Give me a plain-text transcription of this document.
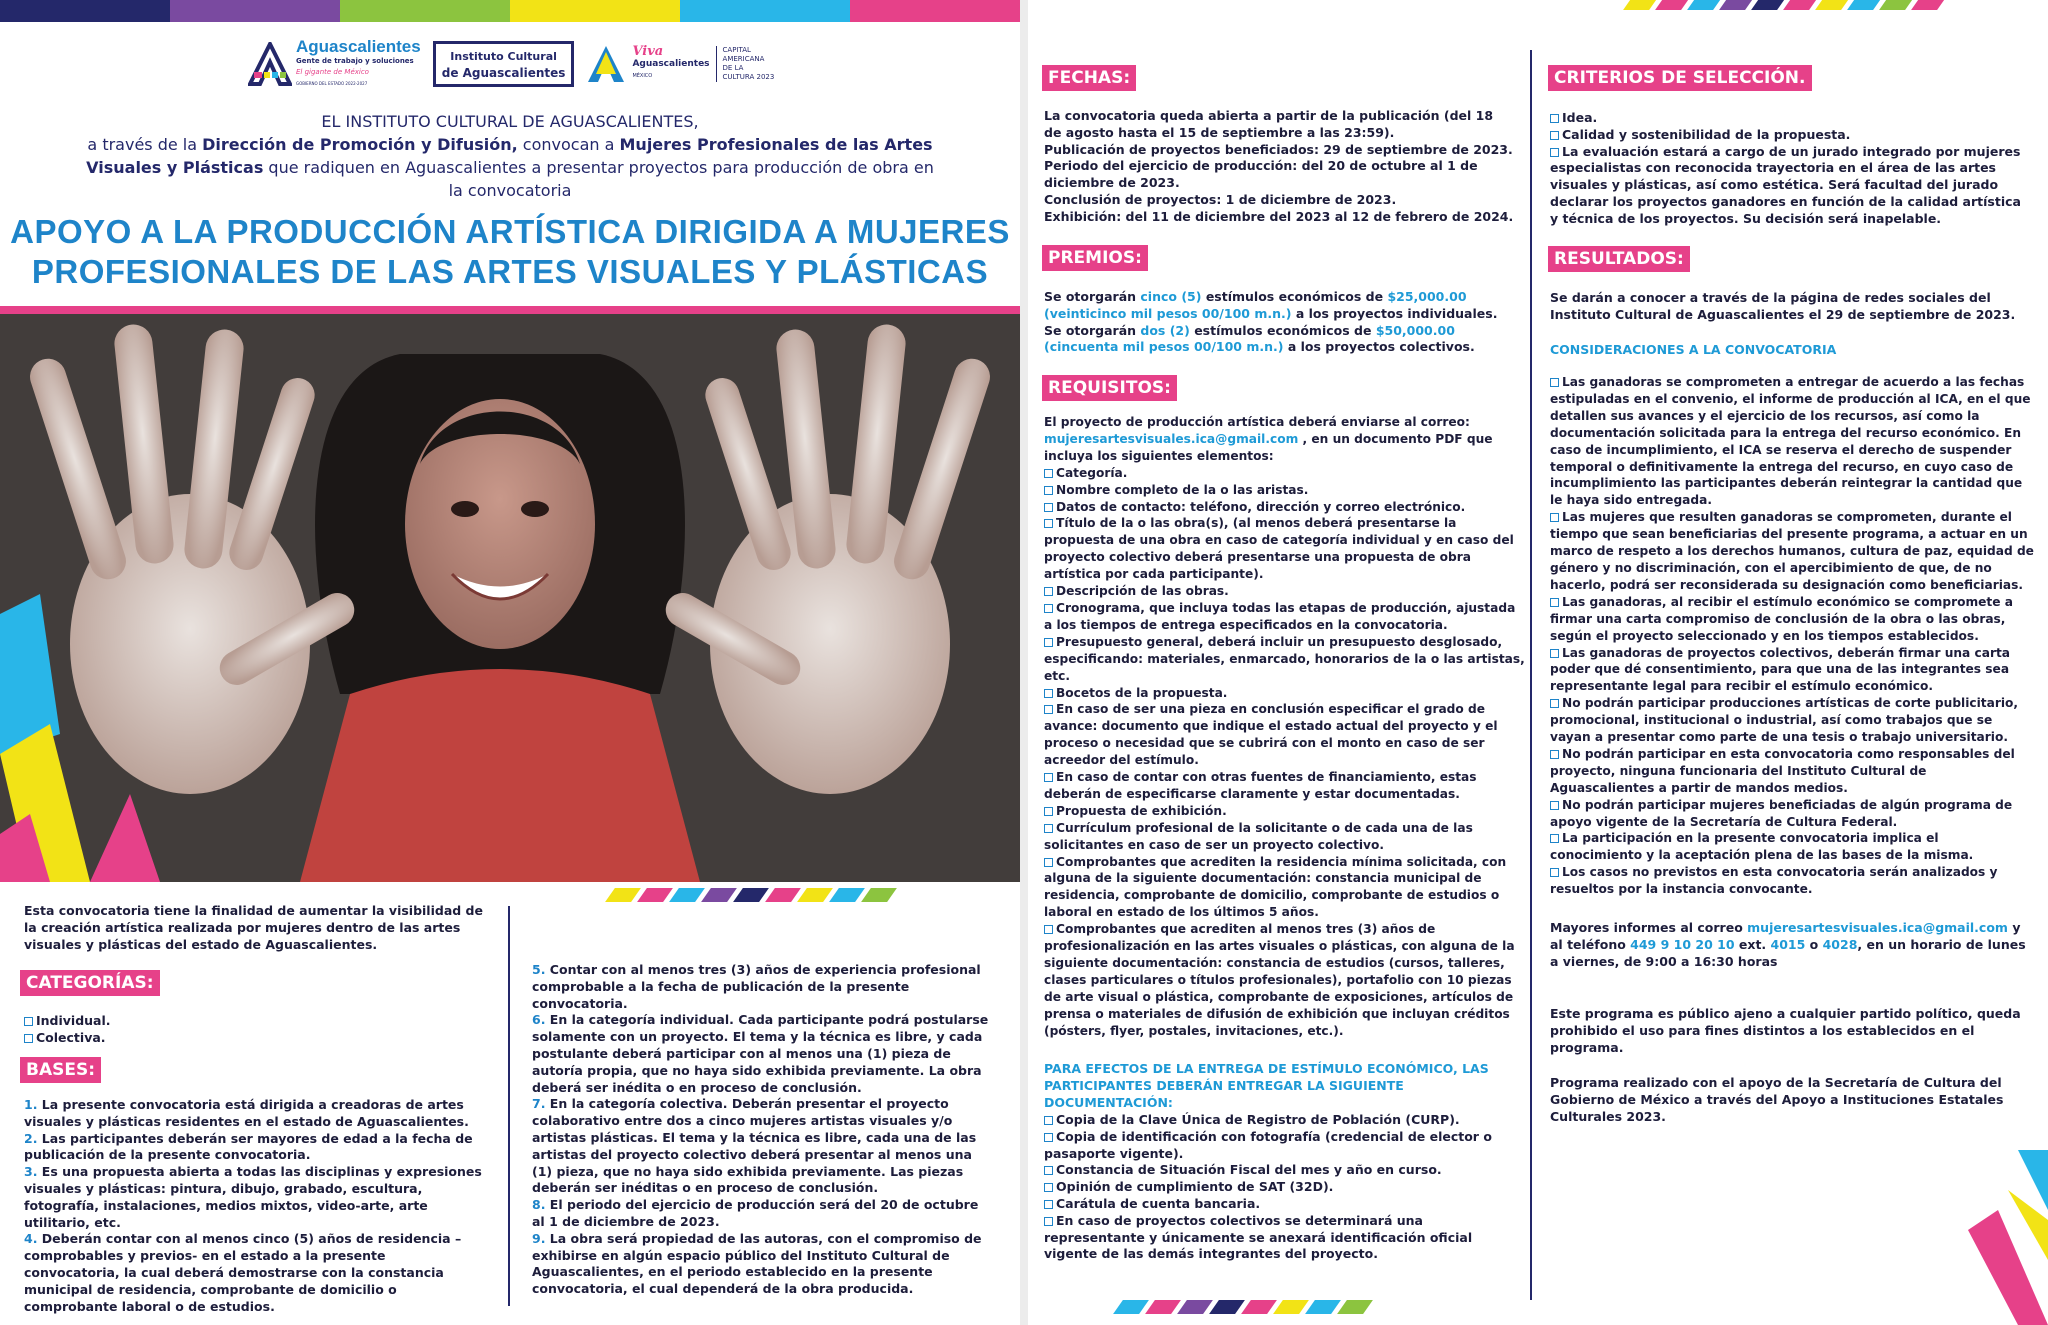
Aguascalientes
Gente de trabajo y soluciones
El gigante de México
GOBIERNO DEL ESTADO 2022-2027
Instituto Cultural
de Aguascalientes
Viva
Aguascalientes
MÉXICO
CAPITAL AMERICANA DE LA CULTURA 2023
EL INSTITUTO CULTURAL DE AGUASCALIENTES,
a través de la Dirección de Promoción y Difusión, convocan a Mujeres Profesionales de las Artes
Visuales y Plásticas que radiquen en Aguascalientes a presentar proyectos para producción de obra en
la convocatoria
APOYO A LA PRODUCCIÓN ARTÍSTICA DIRIGIDA A MUJERES
PROFESIONALES DE LAS ARTES VISUALES Y PLÁSTICAS
Esta convocatoria tiene la finalidad de aumentar la visibilidad de la creación artística realizada por mujeres dentro de las artes visuales y plásticas del estado de Aguascalientes.
CATEGORÍAS:
Individual.
Colectiva.
BASES:
1. La presente convocatoria está dirigida a creadoras de artes visuales y plásticas residentes en el estado de Aguascalientes.
2. Las participantes deberán ser mayores de edad a la fecha de publicación de la presente convocatoria.
3. Es una propuesta abierta a todas las disciplinas y expresiones visuales y plásticas: pintura, dibujo, grabado, escultura, fotografía, instalaciones, medios mixtos, video-arte, arte utilitario, etc.
4. Deberán contar con al menos cinco (5) años de residencia –comprobables y previos- en el estado a la presente convocatoria, la cual deberá demostrarse con la constancia municipal de residencia, comprobante de domicilio o comprobante laboral o de estudios.
5. Contar con al menos tres (3) años de experiencia profesional comprobable a la fecha de publicación de la presente convocatoria.
6. En la categoría individual. Cada participante podrá postularse solamente con un proyecto. El tema y la técnica es libre, y cada postulante deberá participar con al menos una (1) pieza de autoría propia, que no haya sido exhibida previamente. La obra deberá ser inédita o en proceso de conclusión.
7. En la categoría colectiva. Deberán presentar el proyecto colaborativo entre dos a cinco mujeres artistas visuales y/o artistas plásticas. El tema y la técnica es libre, cada una de las artistas del proyecto colectivo deberá presentar al menos una (1) pieza, que no haya sido exhibida previamente. Las piezas deberán ser inéditas o en proceso de conclusión.
8. El periodo del ejercicio de producción será del 20 de octubre al 1 de diciembre de 2023.
9. La obra será propiedad de las autoras, con el compromiso de exhibirse en algún espacio público del Instituto Cultural de Aguascalientes, en el periodo establecido en la presente convocatoria, el cual dependerá de la obra producida.
FECHAS:
La convocatoria queda abierta a partir de la publicación (del 18 de agosto hasta el 15 de septiembre a las 23:59).
Publicación de proyectos beneficiados: 29 de septiembre de 2023.
Periodo del ejercicio de producción: del 20 de octubre al 1 de diciembre de 2023.
Conclusión de proyectos: 1 de diciembre de 2023.
Exhibición: del 11 de diciembre del 2023 al 12 de febrero de 2024.
PREMIOS:
Se otorgarán cinco (5) estímulos económicos de $25,000.00 (veinticinco mil pesos 00/100 m.n.) a los proyectos individuales.
Se otorgarán dos (2) estímulos económicos de $50,000.00 (cincuenta mil pesos 00/100 m.n.) a los proyectos colectivos.
REQUISITOS:
El proyecto de producción artística deberá enviarse al correo: mujeresartesvisuales.ica@gmail.com , en un documento PDF que incluya los siguientes elementos:
Categoría.
Nombre completo de la o las aristas.
Datos de contacto: teléfono, dirección y correo electrónico.
Título de la o las obra(s), (al menos deberá presentarse la propuesta de una obra en caso de categoría individual y en caso del proyecto colectivo deberá presentarse una propuesta de obra artística por cada participante).
Descripción de las obras.
Cronograma, que incluya todas las etapas de producción, ajustada a los tiempos de entrega especificados en la convocatoria.
Presupuesto general, deberá incluir un presupuesto desglosado, especificando: materiales, enmarcado, honorarios de la o las artistas, etc.
Bocetos de la propuesta.
En caso de ser una pieza en conclusión especificar el grado de avance: documento que indique el estado actual del proyecto y el proceso o necesidad que se cubrirá con el monto en caso de ser acreedor del estímulo.
En caso de contar con otras fuentes de financiamiento, estas deberán de especificarse claramente y estar documentadas.
Propuesta de exhibición.
Currículum profesional de la solicitante o de cada una de las solicitantes en caso de ser un proyecto colectivo.
Comprobantes que acrediten la residencia mínima solicitada, con alguna de la siguiente documentación: constancia municipal de residencia, comprobante de domicilio, comprobante de estudios o laboral en estado de los últimos 5 años.
Comprobantes que acrediten al menos tres (3) años de profesionalización en las artes visuales o plásticas, con alguna de la siguiente documentación: constancia de estudios (cursos, talleres, clases particulares o títulos profesionales), portafolio con 10 piezas de arte visual o plástica, comprobante de exposiciones, artículos de prensa o materiales de difusión de exhibición que incluyan créditos (pósters, flyer, postales, invitaciones, etc.).
PARA EFECTOS DE LA ENTREGA DE ESTÍMULO ECONÓMICO, LAS PARTICIPANTES DEBERÁN ENTREGAR LA SIGUIENTE DOCUMENTACIÓN:
Copia de la Clave Única de Registro de Población (CURP).
Copia de identificación con fotografía (credencial de elector o pasaporte vigente).
Constancia de Situación Fiscal del mes y año en curso.
Opinión de cumplimiento de SAT (32D).
Carátula de cuenta bancaria.
En caso de proyectos colectivos se determinará una representante y únicamente se anexará identificación oficial vigente de las demás integrantes del proyecto.
CRITERIOS DE SELECCIÓN.
Idea.
Calidad y sostenibilidad de la propuesta.
La evaluación estará a cargo de un jurado integrado por mujeres especialistas con reconocida trayectoria en el área de las artes visuales y plásticas, así como estética. Será facultad del jurado declarar los proyectos ganadores en función de la calidad artística y técnica de los proyectos. Su decisión será inapelable.
RESULTADOS:
Se darán a conocer a través de la página de redes sociales del Instituto Cultural de Aguascalientes el 29 de septiembre de 2023.
CONSIDERACIONES A LA CONVOCATORIA
Las ganadoras se comprometen a entregar de acuerdo a las fechas estipuladas en el convenio, el informe de producción al ICA, en el que detallen sus avances y el ejercicio de los recursos, así como la documentación solicitada para la entrega del recurso económico. En caso de incumplimiento, el ICA se reserva el derecho de suspender temporal o definitivamente la entrega del recurso, en cuyo caso de incumplimiento las participantes deberán reintegrar la cantidad que le haya sido entregada.
Las mujeres que resulten ganadoras se comprometen, durante el tiempo que sean beneficiarias del presente programa, a actuar en un marco de respeto a los derechos humanos, cultura de paz, equidad de género y no discriminación, con el apercibimiento de que, de no hacerlo, podrá ser reconsiderada su designación como beneficiarias.
Las ganadoras, al recibir el estímulo económico se compromete a firmar una carta compromiso de conclusión de la obra o las obras, según el proyecto seleccionado y en los tiempos establecidos.
Las ganadoras de proyectos colectivos, deberán firmar una carta poder que dé consentimiento, para que una de las integrantes sea representante legal para recibir el estímulo económico.
No podrán participar producciones artísticas de corte publicitario, promocional, institucional o industrial, así como trabajos que se vayan a presentar como parte de una tesis o trabajo universitario.
No podrán participar en esta convocatoria como responsables del proyecto, ninguna funcionaria del Instituto Cultural de Aguascalientes a partir de mandos medios.
No podrán participar mujeres beneficiadas de algún programa de apoyo vigente de la Secretaría de Cultura Federal.
La participación en la presente convocatoria implica el conocimiento y la aceptación plena de las bases de la misma.
Los casos no previstos en esta convocatoria serán analizados y resueltos por la instancia convocante.
Mayores informes al correo mujeresartesvisuales.ica@gmail.com y al teléfono 449 9 10 20 10 ext. 4015 o 4028, en un horario de lunes a viernes, de 9:00 a 16:30 horas
Este programa es público ajeno a cualquier partido político, queda prohibido el uso para fines distintos a los establecidos en el programa.
Programa realizado con el apoyo de la Secretaría de Cultura del Gobierno de México a través del Apoyo a Instituciones Estatales Culturales 2023.
